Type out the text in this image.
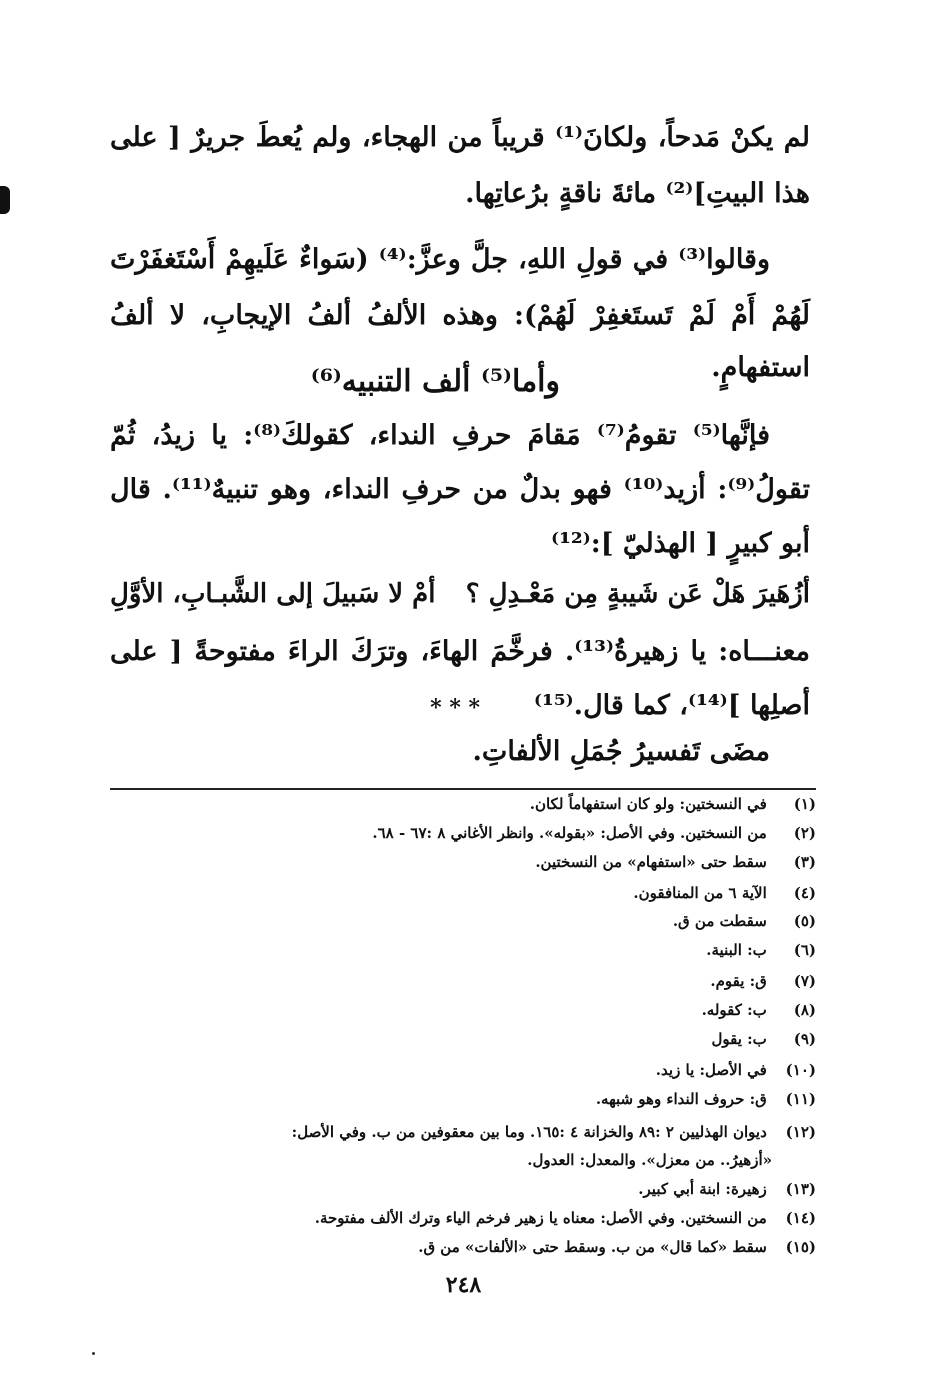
لم يكنْ مَدحاً، ولكانَ⁽¹⁾ قريباً من الهجاء، ولم يُعطَ جريرٌ [ على
هذا البيتِ]⁽²⁾ مائةَ ناقةٍ برُعاتِها.
وقالوا⁽³⁾ في قولِ اللهِ، جلَّ وعزَّ:⁽⁴⁾ (سَواءٌ عَلَيهِمْ أَسْتَغفَرْتَ
لَهُمْ أَمْ لَمْ تَستَغفِرْ لَهُمْ): وهذه الألفُ ألفُ الإيجابِ، لا ألفُ
استفهامٍ.
وأما⁽⁵⁾ ألف التنبيه⁽⁶⁾
فإنَّها⁽⁵⁾ تقومُ⁽⁷⁾ مَقامَ حرفِ النداء، كقولكَ⁽⁸⁾: يا زيدُ، ثُمّ
تقولُ⁽⁹⁾: أزيد⁽¹⁰⁾ فهو بدلٌ من حرفِ النداء، وهو تنبيهٌ⁽¹¹⁾. قال
أبو كبيرٍ [ الهذليّ ]:⁽¹²⁾
أزُهَيرَ هَلْ عَن شَيبةٍ مِن مَعْـدِلِ ؟
أمْ لا سَبيلَ إلى الشَّبـابِ، الأوَّلِ
معنـــاه: يا زهيرةُ⁽¹³⁾. فرخَّمَ الهاءَ، وترَكَ الراءَ مفتوحةً [ على
أصلِها ]⁽¹⁴⁾، كما قال.⁽¹⁵⁾
* * *
مضَى تَفسيرُ جُمَلِ الألفاتِ.
(١) في النسختين: ولو كان استفهاماً لكان.
(٢) من النسختين. وفي الأصل: «بقوله». وانظر الأغاني ٨ :٦٧ - ٦٨.
(٣) سقط حتى «استفهام» من النسختين.
(٤) الآية ٦ من المنافقون.
(٥) سقطت من ق.
(٦) ب: البنية.
(٧) ق: يقوم.
(٨) ب: كقوله.
(٩) ب: يقول
(١٠) في الأصل: يا زيد.
(١١) ق: حروف النداء وهو شبهه.
(١٢) ديوان الهذليين ٢ :٨٩ والخزانة ٤ :١٦٥. وما بين معقوفين من ب. وفي الأصل:
«أزهيرُ.. من معزل». والمعدل: العدول.
(١٣) زهيرة: ابنة أبي كبير.
(١٤) من النسختين. وفي الأصل: معناه يا زهير فرخم الياء وترك الألف مفتوحة.
(١٥) سقط «كما قال» من ب. وسقط حتى «الألفات» من ق.
٢٤٨
